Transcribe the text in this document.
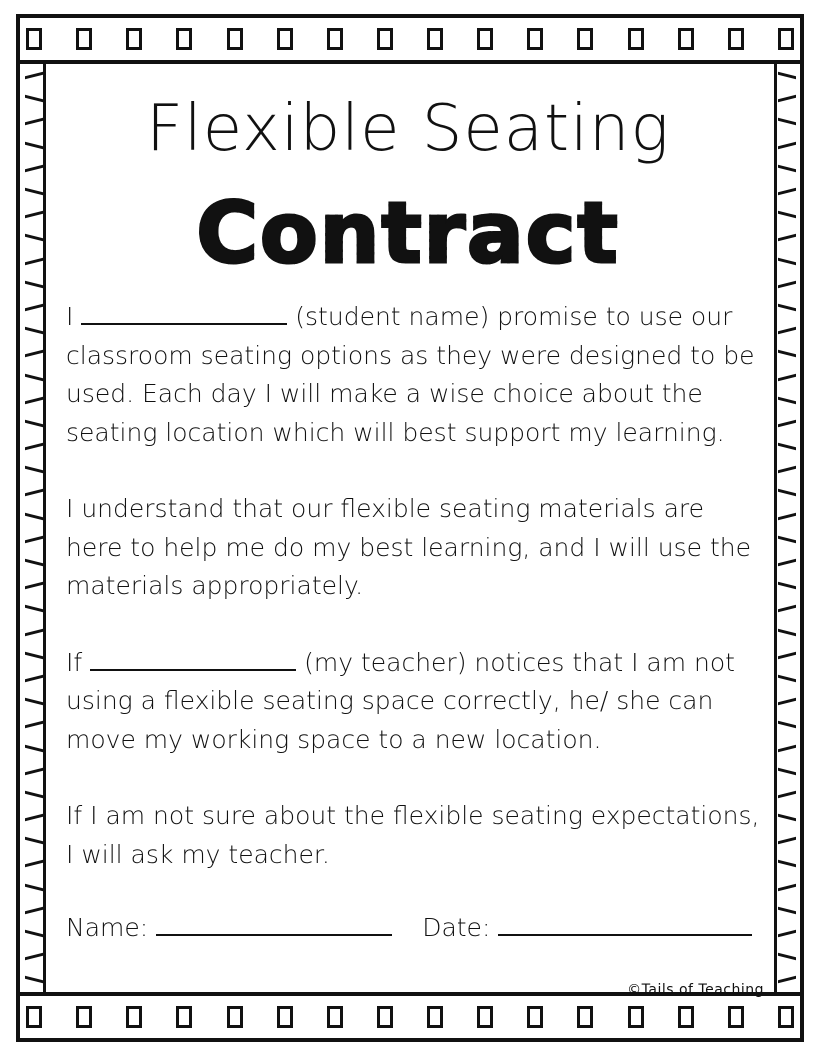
Flexible Seating
Contract

I	(student name) promise to use our classroom seating options as they were designed to be used. Each day I will make a wise choice about the seating location which will best support my learning.

I understand that our flexible seating materials are here to help me do my best learning, and I will use the materials appropriately.

If	(my teacher) notices that I am not using a flexible seating space correctly, he/ she can move my working space to a new location.

If I am not sure about the flexible seating expectations, I will ask my teacher.

Name:	Date:
©Tails of Teaching
